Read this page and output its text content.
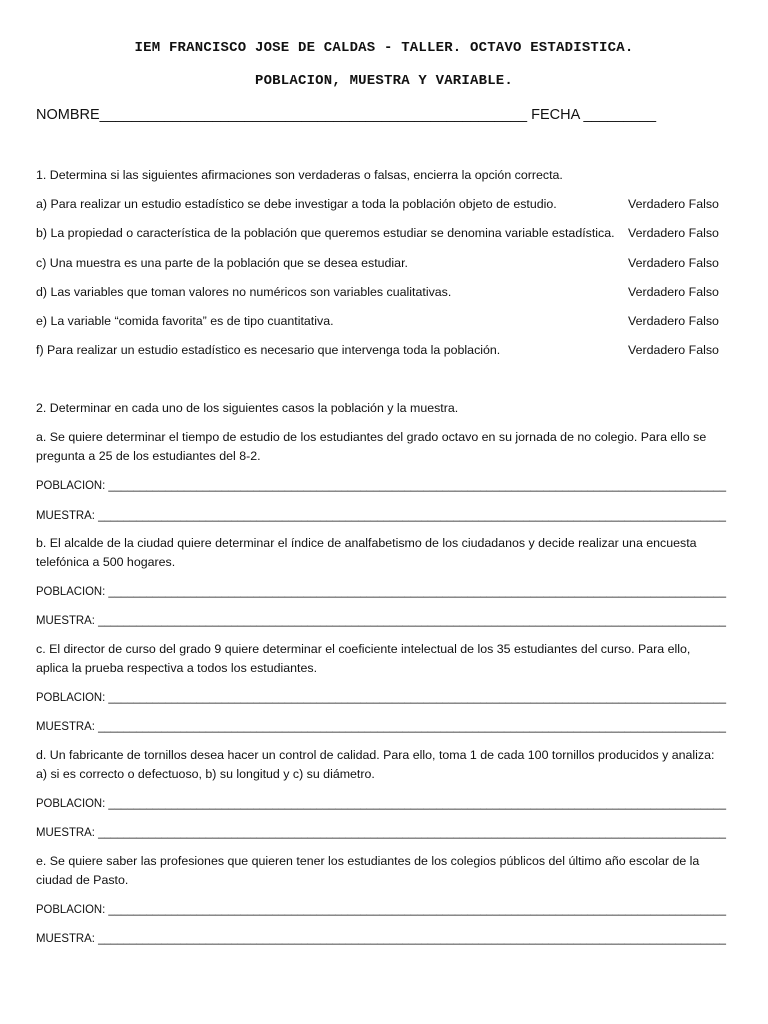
IEM FRANCISCO JOSE DE CALDAS - TALLER. OCTAVO ESTADISTICA.
POBLACION, MUESTRA Y VARIABLE.
NOMBRE_____________________________________________________ FECHA _________
1. Determina si las siguientes afirmaciones son verdaderas o falsas, encierra la opción correcta.
a) Para realizar un estudio estadístico se debe investigar a toda la población objeto de estudio.	Verdadero Falso
b) La propiedad o característica de la población que queremos estudiar se denomina variable estadística. Verdadero Falso
c) Una muestra es una parte de la población que se desea estudiar.	Verdadero Falso
d) Las variables que toman valores no numéricos son variables cualitativas.	Verdadero Falso
e) La variable “comida favorita” es de tipo cuantitativa.	Verdadero Falso
f) Para realizar un estudio estadístico es necesario que intervenga toda la población.	Verdadero Falso
2. Determinar en cada uno de los siguientes casos la población y la muestra.
a. Se quiere determinar el tiempo de estudio de los estudiantes del grado octavo en su jornada de no colegio. Para ello se
pregunta a 25 de los estudiantes del 8-2.
POBLACION: __________________________________________________________________________________________________
MUESTRA: ___________________________________________________________________________________________________
b. El alcalde de la ciudad quiere determinar el índice de analfabetismo de los ciudadanos y decide realizar una encuesta
telefónica a 500 hogares.
POBLACION: __________________________________________________________________________________________________
MUESTRA: ___________________________________________________________________________________________________
c. El director de curso del grado 9 quiere determinar el coeficiente intelectual de los 35 estudiantes del curso. Para ello,
aplica la prueba respectiva a todos los estudiantes.
POBLACION: __________________________________________________________________________________________________
MUESTRA: ___________________________________________________________________________________________________
d. Un fabricante de tornillos desea hacer un control de calidad. Para ello, toma 1 de cada 100 tornillos producidos y analiza:
a) si es correcto o defectuoso, b) su longitud y c) su diámetro.
POBLACION: __________________________________________________________________________________________________
MUESTRA: ___________________________________________________________________________________________________
e. Se quiere saber las profesiones que quieren tener los estudiantes de los colegios públicos del último año escolar de la
ciudad de Pasto.
POBLACION: __________________________________________________________________________________________________
MUESTRA: ___________________________________________________________________________________________________
